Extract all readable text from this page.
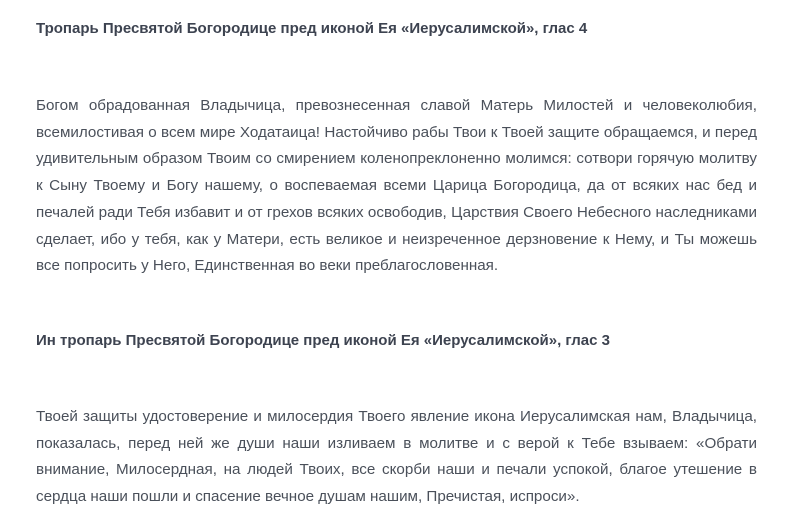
Тропарь Пресвятой Богородице пред иконой Ея «Иерусалимской», глас 4

Богом обрадованная Владычица, превознесенная славой Матерь Милостей и человеколюбия, всемилостивая о всем мире Ходатаица! Настойчиво рабы Твои к Твоей защите обращаемся, и перед удивительным образом Твоим со смирением коленопреклоненно молимся: сотвори горячую молитву к Сыну Твоему и Богу нашему, о воспеваемая всеми Царица Богородица, да от всяких нас бед и печалей ради Тебя избавит и от грехов всяких освободив, Царствия Своего Небесного наследниками сделает, ибо у тебя, как у Матери, есть великое и неизреченное дерзновение к Нему, и Ты можешь все попросить у Него, Единственная во веки преблагословенная.

Ин тропарь Пресвятой Богородице пред иконой Ея «Иерусалимской», глас 3

Твоей защиты удостоверение и милосердия Твоего явление икона Иерусалимская нам, Владычица, показалась, перед ней же души наши изливаем в молитве и с верой к Тебе взываем: «Обрати внимание, Милосердная, на людей Твоих, все скорби наши и печали успокой, благое утешение в сердца наши пошли и спасение вечное душам нашим, Пречистая, испроси».
